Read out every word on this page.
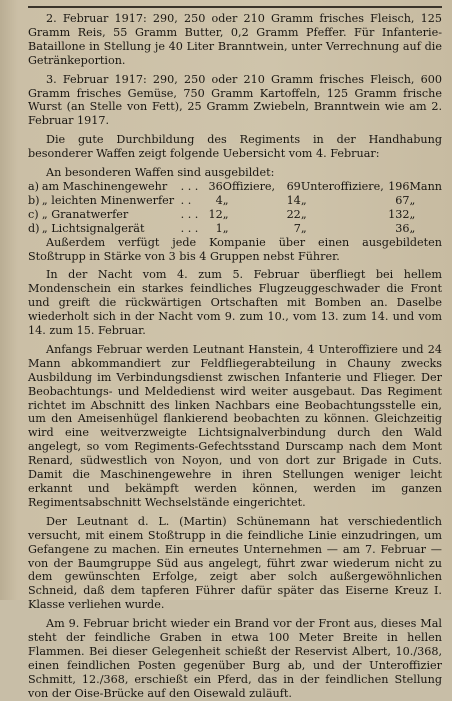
2. Februar 1917: 290, 250 oder 210 Gramm frisches Fleisch, 125 Gramm Reis, 55 Gramm Butter, 0,2 Gramm Pfeffer. Für Infanterie-Bataillone in Stellung je 40 Liter Branntwein, unter Verrechnung auf die Getränkeportion.

3. Februar 1917: 290, 250 oder 210 Gramm frisches Fleisch, 600 Gramm frisches Gemüse, 750 Gramm Kartoffeln, 125 Gramm frische Wurst (an Stelle von Fett), 25 Gramm Zwiebeln, Branntwein wie am 2. Februar 1917.

Die gute Durchbildung des Regiments in der Handhabung besonderer Waffen zeigt folgende Uebersicht vom 4. Februar:

An besonderen Waffen sind ausgebildet:

a)	am Maschinengewehr	. . .	36	Offiziere,	69	Unteroffiziere,	196	Mann
b)	„ leichten Minenwerfer	. .	4	„	14	„	67	„
c)	„ Granatwerfer	. . .	12	„	22	„	132	„
d)	„ Lichtsignalgerät	. . .	1	„	7	„	36	„

Außerdem verfügt jede Kompanie über einen ausgebildeten Stoßtrupp in Stärke von 3 bis 4 Gruppen nebst Führer.

In der Nacht vom 4. zum 5. Februar überfliegt bei hellem Mondenschein ein starkes feindliches Flugzeuggeschwader die Front und greift die rückwärtigen Ortschaften mit Bomben an. Daselbe wiederholt sich in der Nacht vom 9. zum 10., vom 13. zum 14. und vom 14. zum 15. Februar.

Anfangs Februar werden Leutnant Hanstein, 4 Unteroffiziere und 24 Mann abkommandiert zur Feldfliegerabteilung in Chauny zwecks Ausbildung im Verbindungsdienst zwischen Infanterie und Flieger. Der Beobachtungs- und Meldedienst wird weiter ausgebaut. Das Regiment richtet im Abschnitt des linken Nachbars eine Beobachtungsstelle ein, um den Ameisenhügel flankierend beobachten zu können. Gleichzeitig wird eine weitverzweigte Lichtsignalverbindung durch den Wald angelegt, so vom Regiments-Gefechtsstand Durscamp nach dem Mont Renard, südwestlich von Noyon, und von dort zur Brigade in Cuts. Damit die Maschinengewehre in ihren Stellungen weniger leicht erkannt und bekämpft werden können, werden im ganzen Regimentsabschnitt Wechselstände eingerichtet.

Der Leutnant d. L. (Martin) Schünemann hat verschiedentlich versucht, mit einem Stoßtrupp in die feindliche Linie einzudringen, um Gefangene zu machen. Ein erneutes Unternehmen — am 7. Februar — von der Baumgruppe Süd aus angelegt, führt zwar wiederum nicht zu dem gewünschten Erfolge, zeigt aber solch außergewöhnlichen Schneid, daß dem tapferen Führer dafür später das Eiserne Kreuz I. Klasse verliehen wurde.

Am 9. Februar bricht wieder ein Brand vor der Front aus, dieses Mal steht der feindliche Graben in etwa 100 Meter Breite in hellen Flammen. Bei dieser Gelegenheit schießt der Reservist Albert, 10./368, einen feindlichen Posten gegenüber Burg ab, und der Unteroffizier Schmitt, 12./368, erschießt ein Pferd, das in der feindlichen Stellung von der Oise-Brücke auf den Oisewald zuläuft.
